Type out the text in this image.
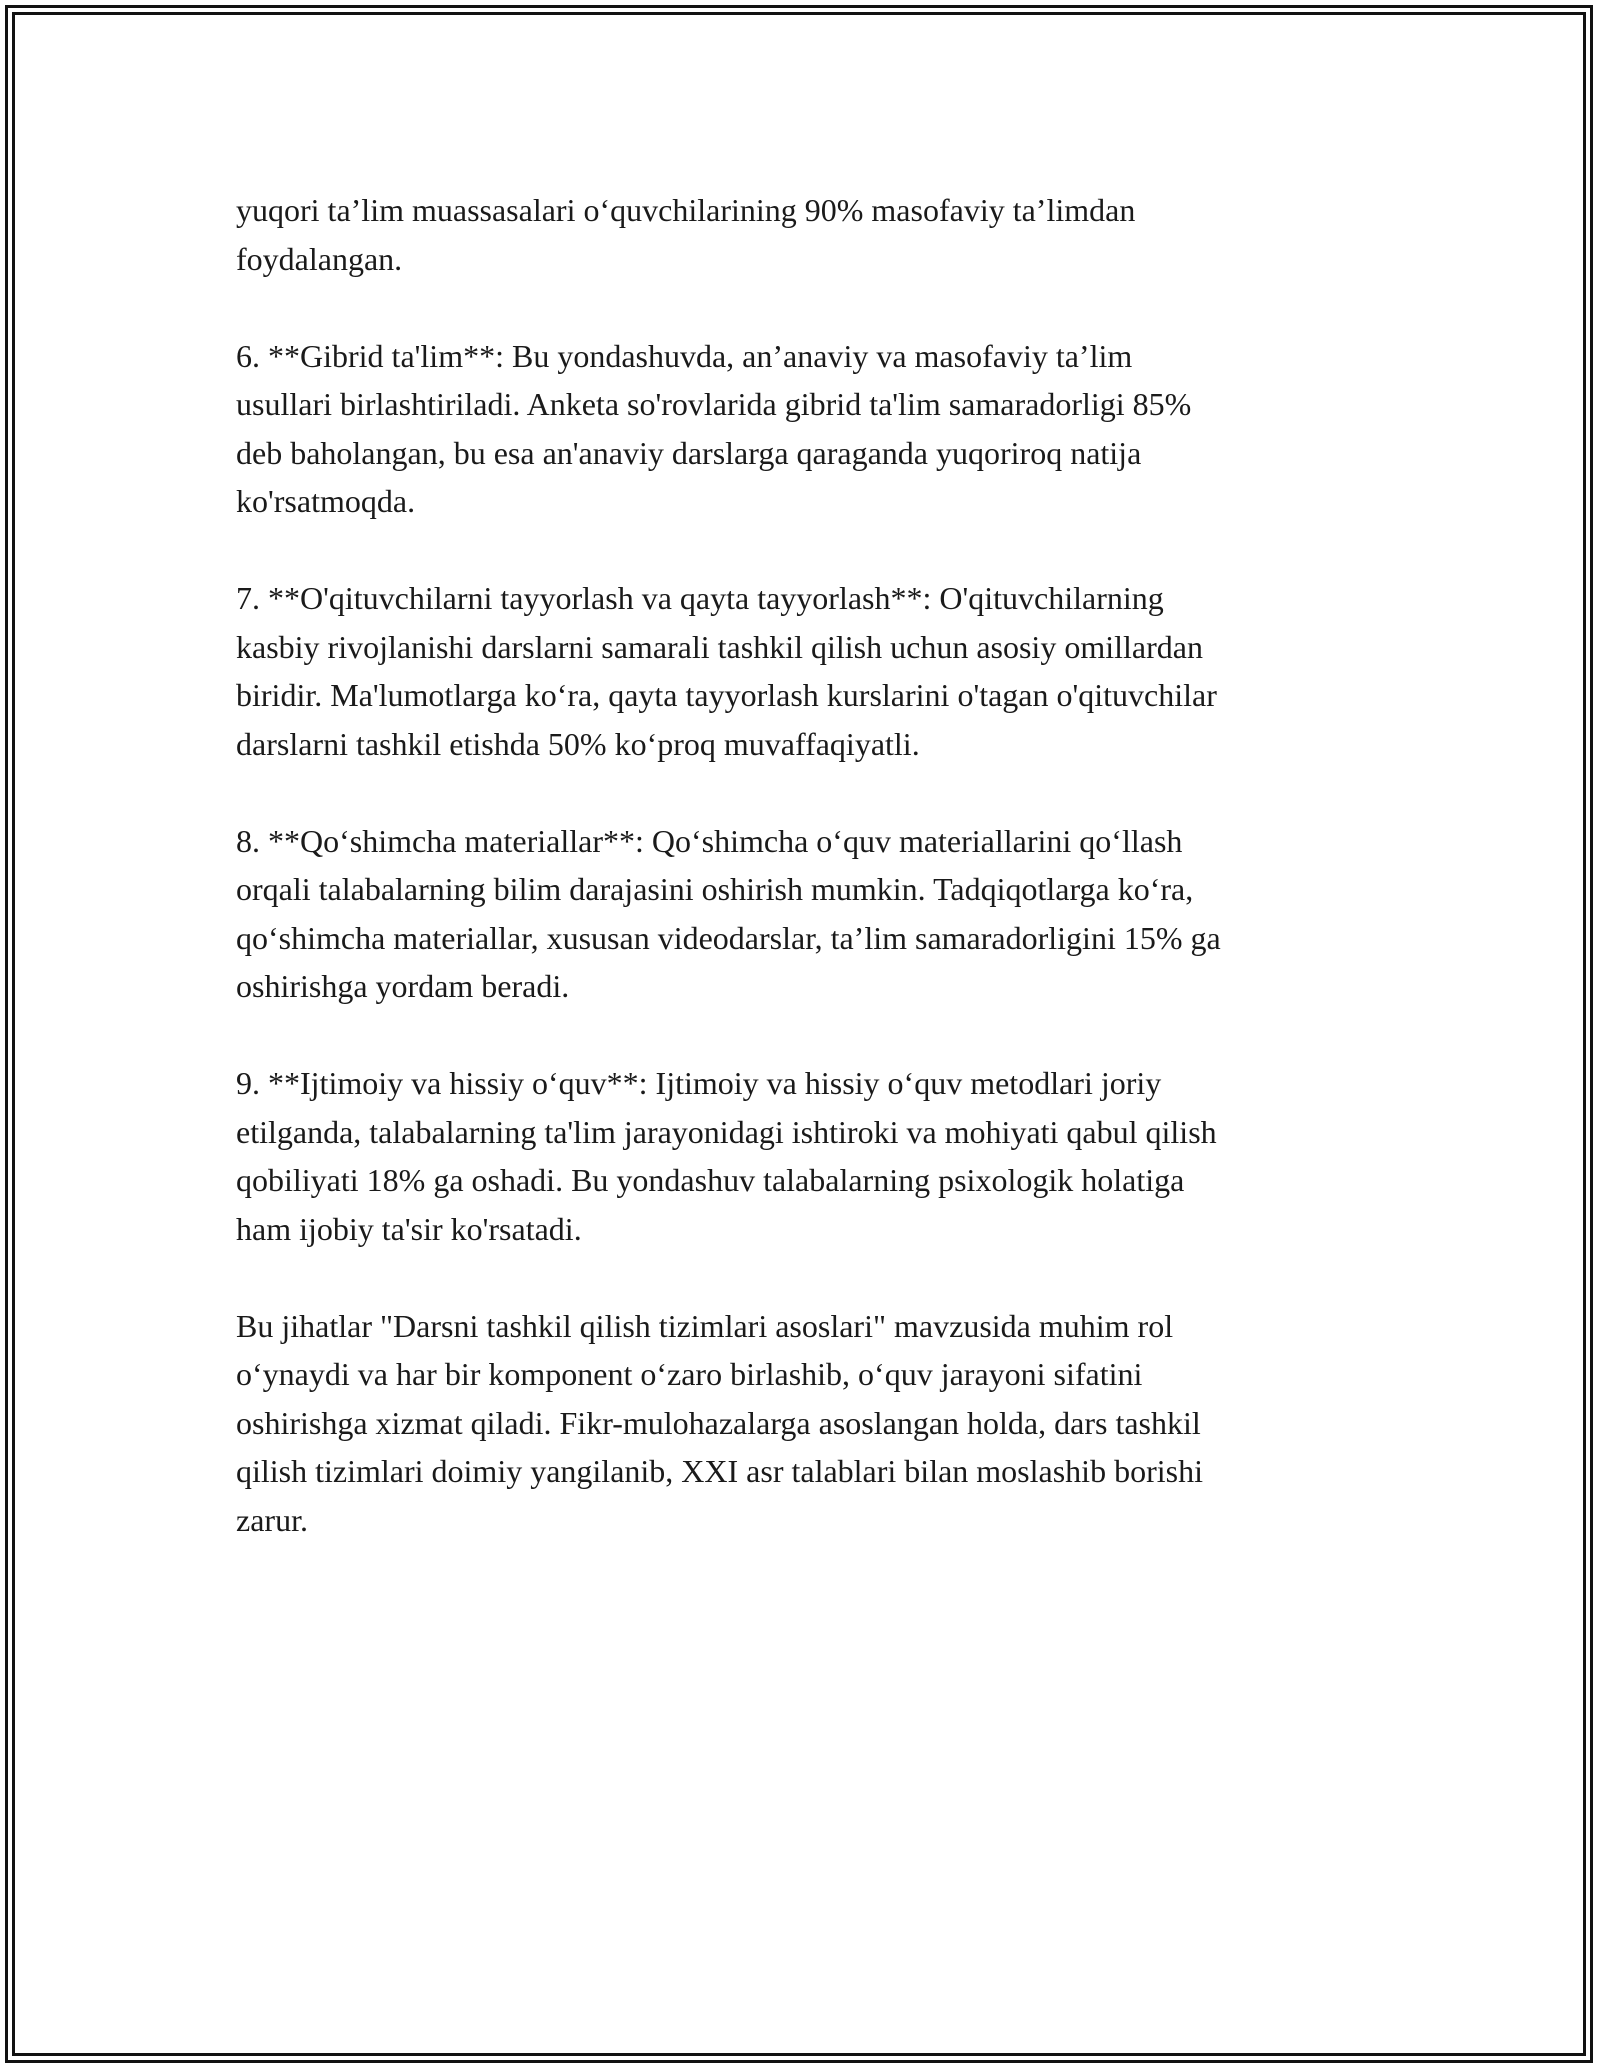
yuqori ta’lim muassasalari o‘quvchilarining 90% masofaviy ta’limdan
foydalangan.

6. **Gibrid ta'lim**: Bu yondashuvda, an’anaviy va masofaviy ta’lim
usullari birlashtiriladi. Anketa so'rovlarida gibrid ta'lim samaradorligi 85%
deb baholangan, bu esa an'anaviy darslarga qaraganda yuqoriroq natija
ko'rsatmoqda.

7. **O'qituvchilarni tayyorlash va qayta tayyorlash**: O'qituvchilarning
kasbiy rivojlanishi darslarni samarali tashkil qilish uchun asosiy omillardan
biridir. Ma'lumotlarga ko‘ra, qayta tayyorlash kurslarini o'tagan o'qituvchilar
darslarni tashkil etishda 50% ko‘proq muvaffaqiyatli.

8. **Qo‘shimcha materiallar**: Qo‘shimcha o‘quv materiallarini qo‘llash
orqali talabalarning bilim darajasini oshirish mumkin. Tadqiqotlarga ko‘ra,
qo‘shimcha materiallar, xususan videodarslar, ta’lim samaradorligini 15% ga
oshirishga yordam beradi.

9. **Ijtimoiy va hissiy o‘quv**: Ijtimoiy va hissiy o‘quv metodlari joriy
etilganda, talabalarning ta'lim jarayonidagi ishtiroki va mohiyati qabul qilish
qobiliyati 18% ga oshadi. Bu yondashuv talabalarning psixologik holatiga
ham ijobiy ta'sir ko'rsatadi.

Bu jihatlar "Darsni tashkil qilish tizimlari asoslari" mavzusida muhim rol
o‘ynaydi va har bir komponent o‘zaro birlashib, o‘quv jarayoni sifatini
oshirishga xizmat qiladi. Fikr-mulohazalarga asoslangan holda, dars tashkil
qilish tizimlari doimiy yangilanib, XXI asr talablari bilan moslashib borishi
zarur.
